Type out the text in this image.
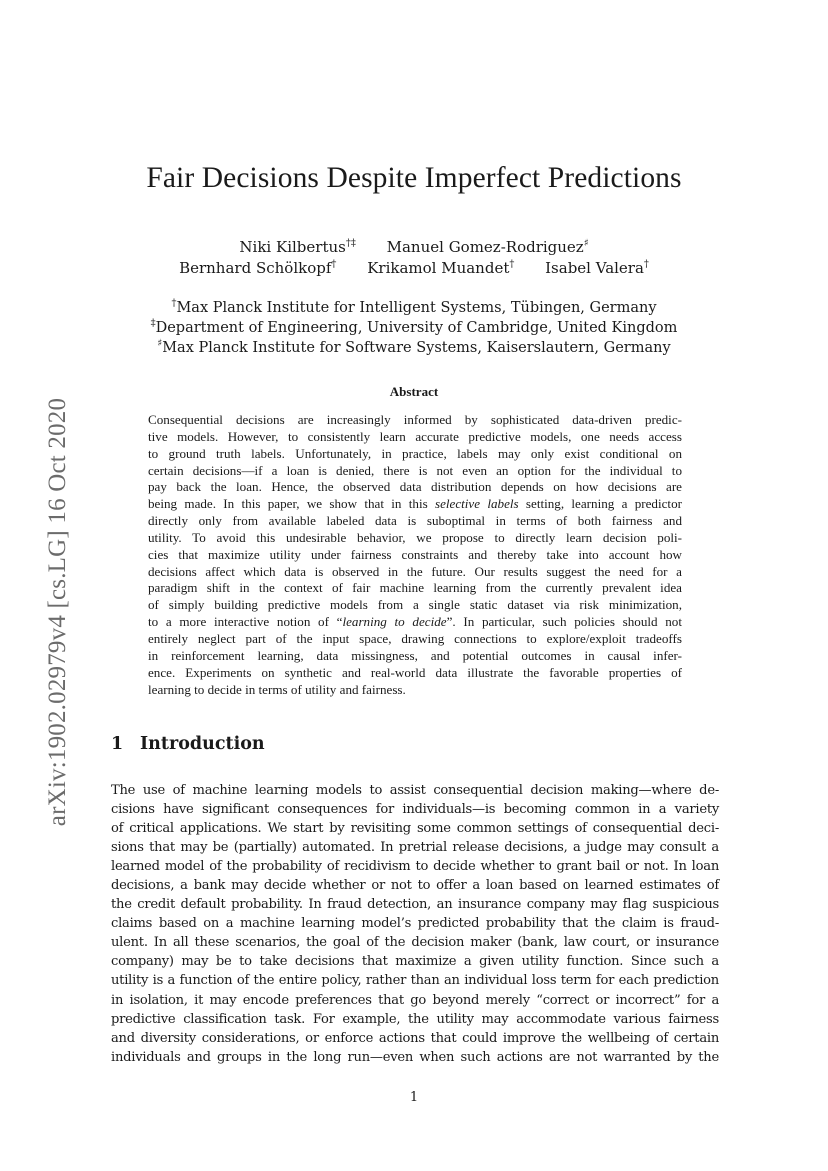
arXiv:1902.02979v4 [cs.LG] 16 Oct 2020
Fair Decisions Despite Imperfect Predictions
Niki Kilbertus†‡ Manuel Gomez-Rodriguez♯
Bernhard Schölkopf† Krikamol Muandet† Isabel Valera†
†Max Planck Institute for Intelligent Systems, Tübingen, Germany
‡Department of Engineering, University of Cambridge, United Kingdom
♯Max Planck Institute for Software Systems, Kaiserslautern, Germany
Abstract
Consequential decisions are increasingly informed by sophisticated data-driven predic-
tive models. However, to consistently learn accurate predictive models, one needs access
to ground truth labels. Unfortunately, in practice, labels may only exist conditional on
certain decisions—if a loan is denied, there is not even an option for the individual to
pay back the loan. Hence, the observed data distribution depends on how decisions are
being made. In this paper, we show that in this selective labels setting, learning a predictor
directly only from available labeled data is suboptimal in terms of both fairness and
utility. To avoid this undesirable behavior, we propose to directly learn decision poli-
cies that maximize utility under fairness constraints and thereby take into account how
decisions affect which data is observed in the future. Our results suggest the need for a
paradigm shift in the context of fair machine learning from the currently prevalent idea
of simply building predictive models from a single static dataset via risk minimization,
to a more interactive notion of “learning to decide”. In particular, such policies should not
entirely neglect part of the input space, drawing connections to explore/exploit tradeoffs
in reinforcement learning, data missingness, and potential outcomes in causal infer-
ence. Experiments on synthetic and real-world data illustrate the favorable properties of
learning to decide in terms of utility and fairness.
1 Introduction
The use of machine learning models to assist consequential decision making—where de-
cisions have significant consequences for individuals—is becoming common in a variety
of critical applications. We start by revisiting some common settings of consequential deci-
sions that may be (partially) automated. In pretrial release decisions, a judge may consult a
learned model of the probability of recidivism to decide whether to grant bail or not. In loan
decisions, a bank may decide whether or not to offer a loan based on learned estimates of
the credit default probability. In fraud detection, an insurance company may flag suspicious
claims based on a machine learning model’s predicted probability that the claim is fraud-
ulent. In all these scenarios, the goal of the decision maker (bank, law court, or insurance
company) may be to take decisions that maximize a given utility function. Since such a
utility is a function of the entire policy, rather than an individual loss term for each prediction
in isolation, it may encode preferences that go beyond merely “correct or incorrect” for a
predictive classification task. For example, the utility may accommodate various fairness
and diversity considerations, or enforce actions that could improve the wellbeing of certain
individuals and groups in the long run—even when such actions are not warranted by the
1
